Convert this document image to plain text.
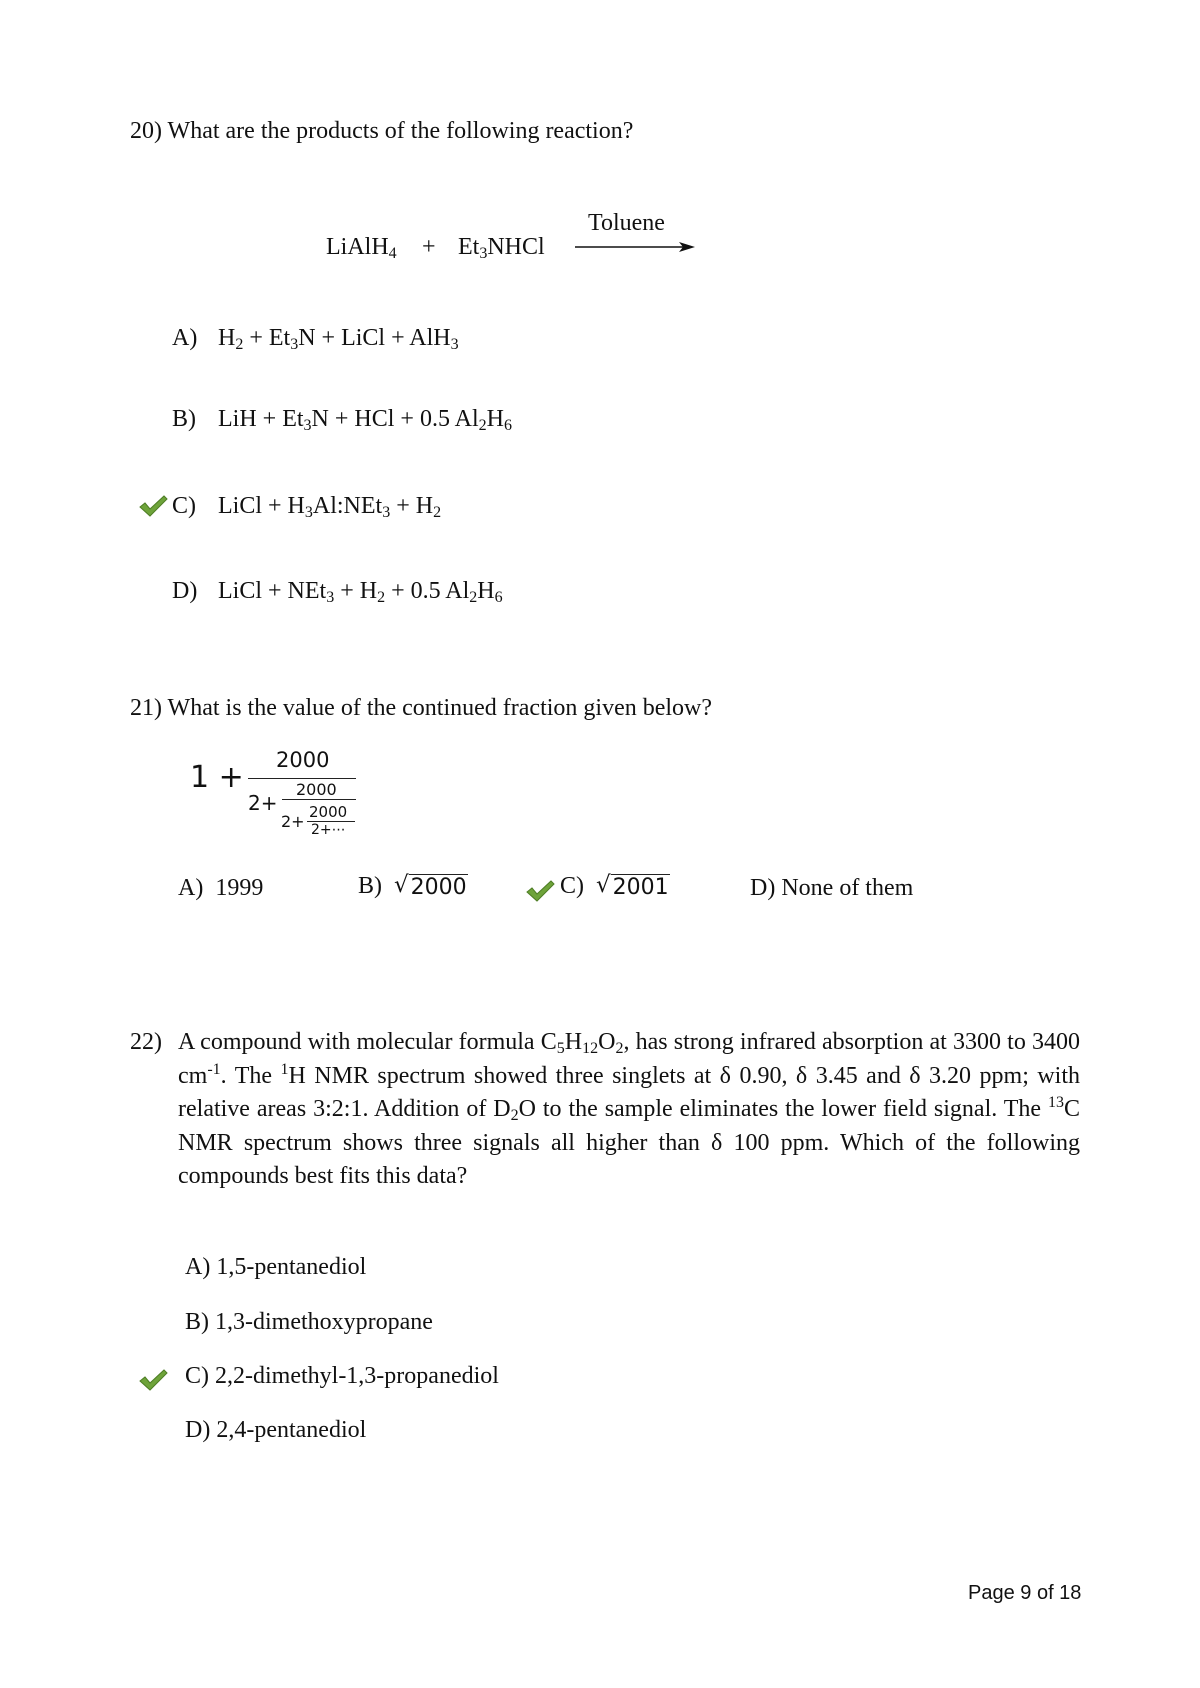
20) What are the products of the following reaction?
LiAlH$_4$ + $Et_3NHCl$
Toluene
A) $H_2 + Et_3N$ + LiCl + AlH$_3$
B) LiH + $Et_3N$ + HCl + 0.5 $Al_2H_6$
C) LiCl + $H_3Al:NEt_3 + H_2$
D) LiCl + $NEt_3 + H_2 + 0.5$ $Al_2H_6$
21) What is the value of the continued fraction given below?
1 + 2000
2+
2000
2+ 2000
2+⋯
A) 1999	B) √ 2000	C) √ 2001	D) None of them
22) A compound with molecular formula $C_5H_{12}O_2$, has strong infrared absorption at 3300 to 3400 $cm^{-1}$. The $^1$H NMR spectrum showed three singlets at δ 0.90, δ 3.45 and δ 3.20 ppm; with relative areas 3:2:1. Addition of $D_2O$ to the sample eliminates the lower field signal. The $^{13}$C NMR spectrum shows three signals all higher than δ 100 ppm. Which of the following compounds best fits this data?
A) 1,5-pentanediol
B) 1,3-dimethoxypropane
C) 2,2-dimethyl-1,3-propanediol
D) 2,4-pentanediol
Page 9 of 18
